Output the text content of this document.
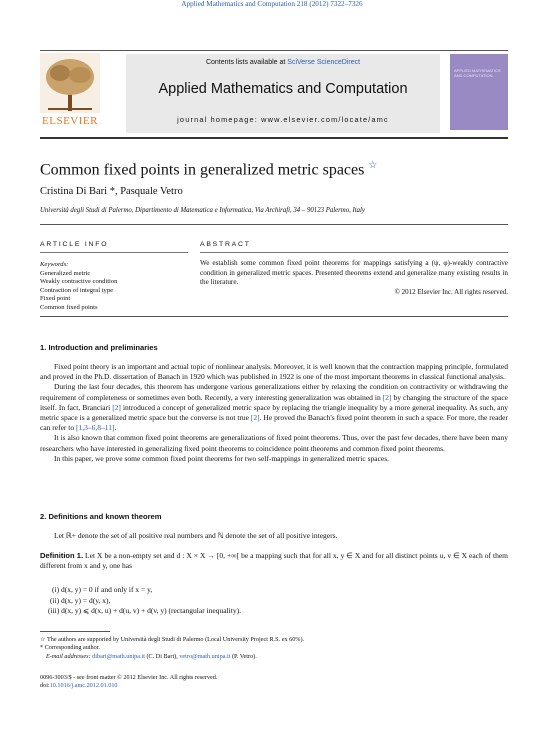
Applied Mathematics and Computation 218 (2012) 7322–7326
ELSEVIER
Contents lists available at SciVerse ScienceDirect
Applied Mathematics and Computation
journal homepage: www.elsevier.com/locate/amc
APPLIED MATHEMATICS AND COMPUTATION
Common fixed points in generalized metric spaces ☆
Cristina Di Bari *, Pasquale Vetro
Università degli Studi di Palermo, Dipartimento di Matematica e Informatica, Via Archirafi, 34 – 90123 Palermo, Italy
ARTICLE INFO	ABSTRACT
Keywords:
Generalized metric
Weakly contractive condition
Contraction of integral type
Fixed point
Common fixed points
We establish some common fixed point theorems for mappings satisfying a (ψ, φ)-weakly contractive condition in generalized metric spaces. Presented theorems extend and generalize many existing results in the literature.
© 2012 Elsevier Inc. All rights reserved.
1. Introduction and preliminaries

Fixed point theory is an important and actual topic of nonlinear analysis. Moreover, it is well known that the contraction mapping principle, formulated and proved in the Ph.D. dissertation of Banach in 1920 which was published in 1922 is one of the most important theorems in classical functional analysis.

During the last four decades, this theorem has undergone various generalizations either by relaxing the condition on contractivity or withdrawing the requirement of completeness or sometimes even both. Recently, a very interesting generalization was obtained in [2] by changing the structure of the space itself. In fact, Branciari [2] introduced a concept of generalized metric space by replacing the triangle inequality by a more general inequality. As such, any metric space is a generalized metric space but the converse is not true [2]. He proved the Banach's fixed point theorem in such a space. For more, the reader can refer to [1,3–6,8–11].

It is also known that common fixed point theorems are generalizations of fixed point theorems. Thus, over the past few decades, there have been many researchers who have interested in generalizing fixed point theorems to coincidence point theorems and common fixed point theorems.

In this paper, we prove some common fixed point theorems for two self-mappings in generalized metric spaces.

2. Definitions and known theorem

Let ℝ+ denote the set of all positive real numbers and ℕ denote the set of all positive integers.

Definition 1. Let X be a non-empty set and d : X × X → [0, +∞[ be a mapping such that for all x, y ∈ X and for all distinct points u, v ∈ X each of them different from x and y, one has
(i) d(x, y) = 0 if and only if x = y,
(ii) d(x, y) = d(y, x),
(iii) d(x, y) ⩽ d(x, u) + d(u, v) + d(v, y) (rectangular inequality).
☆ The authors are supported by Università degli Studi di Palermo (Local University Project R.S. ex 60%).
* Corresponding author.
E-mail addresses: dibari@math.unipa.it (C. Di Bari), vetro@math.unipa.it (P. Vetro).
0096-3003/$ - see front matter © 2012 Elsevier Inc. All rights reserved.
doi:10.1016/j.amc.2012.01.010
